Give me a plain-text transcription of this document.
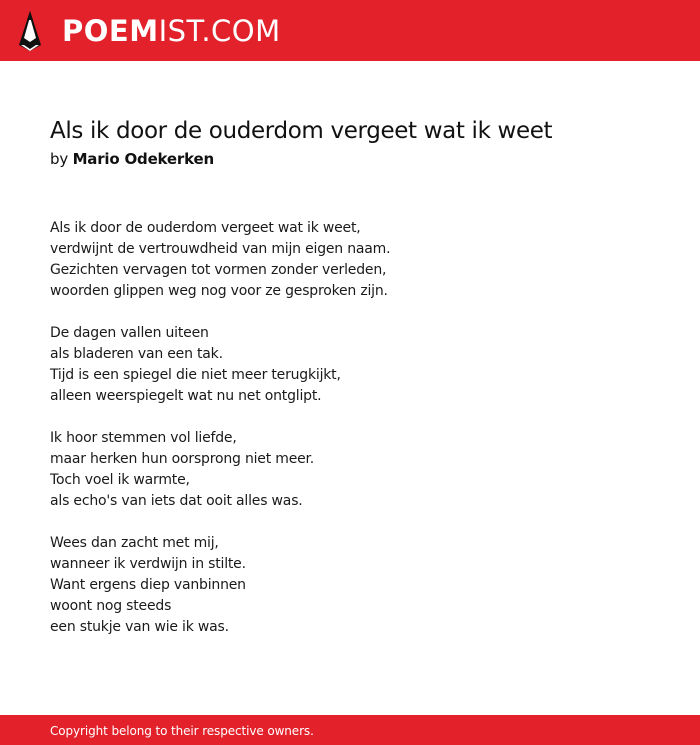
POEM IST.COM
Als ik door de ouderdom vergeet wat ik weet
by Mario Odekerken
Als ik door de ouderdom vergeet wat ik weet,
verdwijnt de vertrouwdheid van mijn eigen naam.
Gezichten vervagen tot vormen zonder verleden,
woorden glippen weg nog voor ze gesproken zijn.
De dagen vallen uiteen
als bladeren van een tak.
Tijd is een spiegel die niet meer terugkijkt,
alleen weerspiegelt wat nu net ontglipt.
Ik hoor stemmen vol liefde,
maar herken hun oorsprong niet meer.
Toch voel ik warmte,
als echo's van iets dat ooit alles was.
Wees dan zacht met mij,
wanneer ik verdwijn in stilte.
Want ergens diep vanbinnen
woont nog steeds
een stukje van wie ik was.
Copyright belong to their respective owners.
